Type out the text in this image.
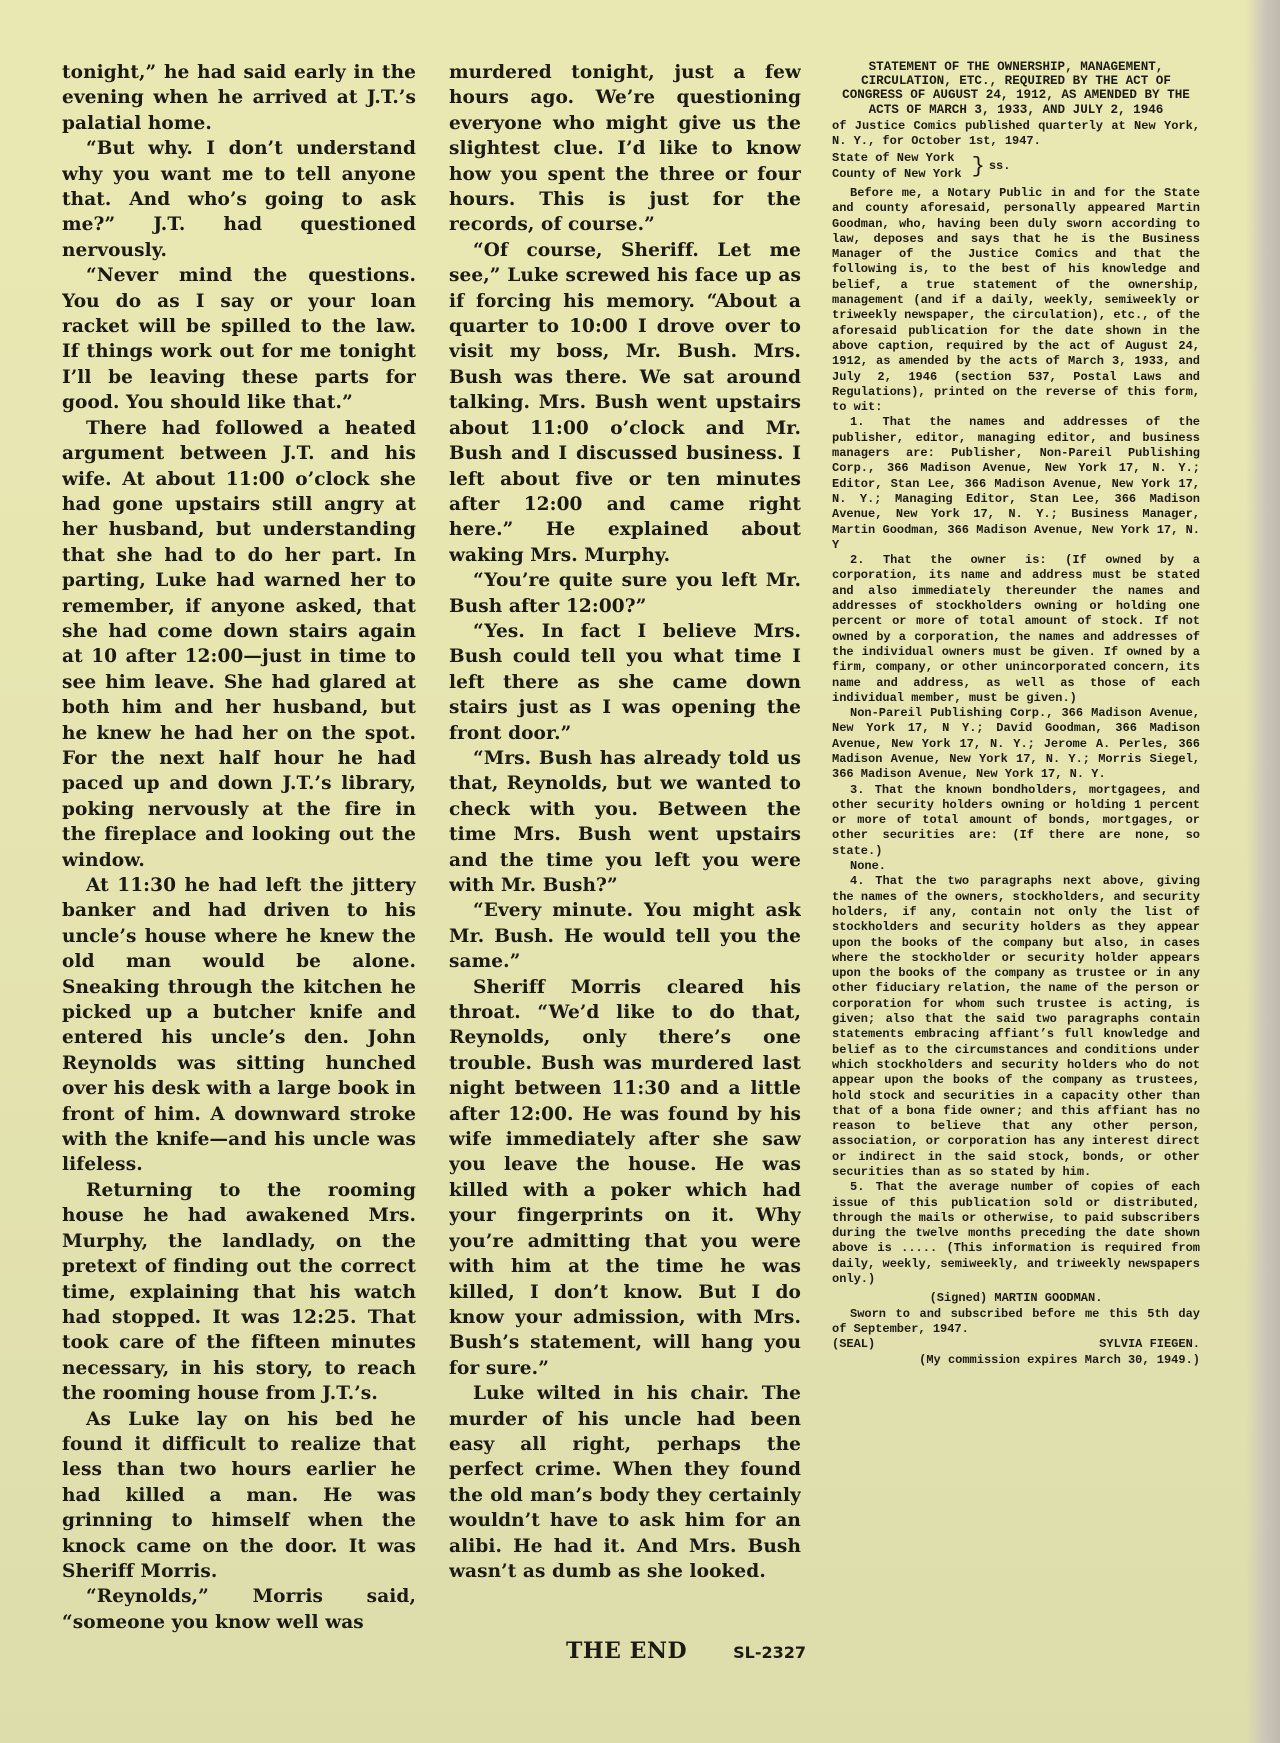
tonight,” he had said early in the evening when he arrived at J.T.’s palatial home.

“But why. I don’t understand why you want me to tell anyone that. And who’s going to ask me?” J.T. had questioned nervously.

“Never mind the questions. You do as I say or your loan racket will be spilled to the law. If things work out for me tonight I’ll be leaving these parts for good. You should like that.”

There had followed a heated argument between J.T. and his wife. At about 11:00 o’clock she had gone upstairs still angry at her husband, but understanding that she had to do her part. In parting, Luke had warned her to remember, if anyone asked, that she had come down stairs again at 10 after 12:00—just in time to see him leave. She had glared at both him and her husband, but he knew he had her on the spot. For the next half hour he had paced up and down J.T.’s library, poking nervously at the fire in the fireplace and looking out the window.

At 11:30 he had left the jittery banker and had driven to his uncle’s house where he knew the old man would be alone. Sneaking through the kitchen he picked up a butcher knife and entered his uncle’s den. John Reynolds was sitting hunched over his desk with a large book in front of him. A downward stroke with the knife—and his uncle was lifeless.

Returning to the rooming house he had awakened Mrs. Murphy, the landlady, on the pretext of finding out the correct time, explaining that his watch had stopped. It was 12:25. That took care of the fifteen minutes necessary, in his story, to reach the rooming house from J.T.’s.

As Luke lay on his bed he found it difficult to realize that less than two hours earlier he had killed a man. He was grinning to himself when the knock came on the door. It was Sheriff Morris.

“Reynolds,” Morris said, “someone you know well was

murdered tonight, just a few hours ago. We’re questioning everyone who might give us the slightest clue. I’d like to know how you spent the three or four hours. This is just for the records, of course.”

“Of course, Sheriff. Let me see,” Luke screwed his face up as if forcing his memory. “About a quarter to 10:00 I drove over to visit my boss, Mr. Bush. Mrs. Bush was there. We sat around talking. Mrs. Bush went upstairs about 11:00 o’clock and Mr. Bush and I discussed business. I left about five or ten minutes after 12:00 and came right here.” He explained about waking Mrs. Murphy.

“You’re quite sure you left Mr. Bush after 12:00?”

“Yes. In fact I believe Mrs. Bush could tell you what time I left there as she came down stairs just as I was opening the front door.”

“Mrs. Bush has already told us that, Reynolds, but we wanted to check with you. Between the time Mrs. Bush went upstairs and the time you left you were with Mr. Bush?”

“Every minute. You might ask Mr. Bush. He would tell you the same.”

Sheriff Morris cleared his throat. “We’d like to do that, Reynolds, only there’s one trouble. Bush was murdered last night between 11:30 and a little after 12:00. He was found by his wife immediately after she saw you leave the house. He was killed with a poker which had your fingerprints on it. Why you’re admitting that you were with him at the time he was killed, I don’t know. But I do know your admission, with Mrs. Bush’s statement, will hang you for sure.”

Luke wilted in his chair. The murder of his uncle had been easy all right, perhaps the perfect crime. When they found the old man’s body they certainly wouldn’t have to ask him for an alibi. He had it. And Mrs. Bush wasn’t as dumb as she looked.

STATEMENT OF THE OWNERSHIP, MANAGEMENT, CIRCULATION, ETC., REQUIRED BY THE ACT OF CONGRESS OF AUGUST 24, 1912, AS AMENDED BY THE ACTS OF MARCH 3, 1933, AND JULY 2, 1946

of Justice Comics published quarterly at New York, N. Y., for October 1st, 1947.

State of New York
County of New York } ss.

Before me, a Notary Public in and for the State and county aforesaid, personally appeared Martin Goodman, who, having been duly sworn according to law, deposes and says that he is the Business Manager of the Justice Comics and that the following is, to the best of his knowledge and belief, a true statement of the ownership, management (and if a daily, weekly, semiweekly or triweekly newspaper, the circulation), etc., of the aforesaid publication for the date shown in the above caption, required by the act of August 24, 1912, as amended by the acts of March 3, 1933, and July 2, 1946 (section 537, Postal Laws and Regulations), printed on the reverse of this form, to wit:

1. That the names and addresses of the publisher, editor, managing editor, and business managers are: Publisher, Non-Pareil Publishing Corp., 366 Madison Avenue, New York 17, N. Y.; Editor, Stan Lee, 366 Madison Avenue, New York 17, N. Y.; Managing Editor, Stan Lee, 366 Madison Avenue, New York 17, N. Y.; Business Manager, Martin Goodman, 366 Madison Avenue, New York 17, N. Y

2. That the owner is: (If owned by a corporation, its name and address must be stated and also immediately thereunder the names and addresses of stockholders owning or holding one percent or more of total amount of stock. If not owned by a corporation, the names and addresses of the individual owners must be given. If owned by a firm, company, or other unincorporated concern, its name and address, as well as those of each individual member, must be given.)

Non-Pareil Publishing Corp., 366 Madison Avenue, New York 17, N Y.; David Goodman, 366 Madison Avenue, New York 17, N. Y.; Jerome A. Perles, 366 Madison Avenue, New York 17, N. Y.; Morris Siegel, 366 Madison Avenue, New York 17, N. Y.

3. That the known bondholders, mortgagees, and other security holders owning or holding 1 percent or more of total amount of bonds, mortgages, or other securities are: (If there are none, so state.)

None.

4. That the two paragraphs next above, giving the names of the owners, stockholders, and security holders, if any, contain not only the list of stockholders and security holders as they appear upon the books of the company but also, in cases where the stockholder or security holder appears upon the books of the company as trustee or in any other fiduciary relation, the name of the person or corporation for whom such trustee is acting, is given; also that the said two paragraphs contain statements embracing affiant’s full knowledge and belief as to the circumstances and conditions under which stockholders and security holders who do not appear upon the books of the company as trustees, hold stock and securities in a capacity other than that of a bona fide owner; and this affiant has no reason to believe that any other person, association, or corporation has any interest direct or indirect in the said stock, bonds, or other securities than as so stated by him.

5. That the average number of copies of each issue of this publication sold or distributed, through the mails or otherwise, to paid subscribers during the twelve months preceding the date shown above is ..... (This information is required from daily, weekly, semiweekly, and triweekly newspapers only.)

(Signed) MARTIN GOODMAN.

Sworn to and subscribed before me this 5th day of September, 1947.

(SEAL)	SYLVIA FIEGEN.

(My commission expires March 30, 1949.)

THE END	SL-2327
